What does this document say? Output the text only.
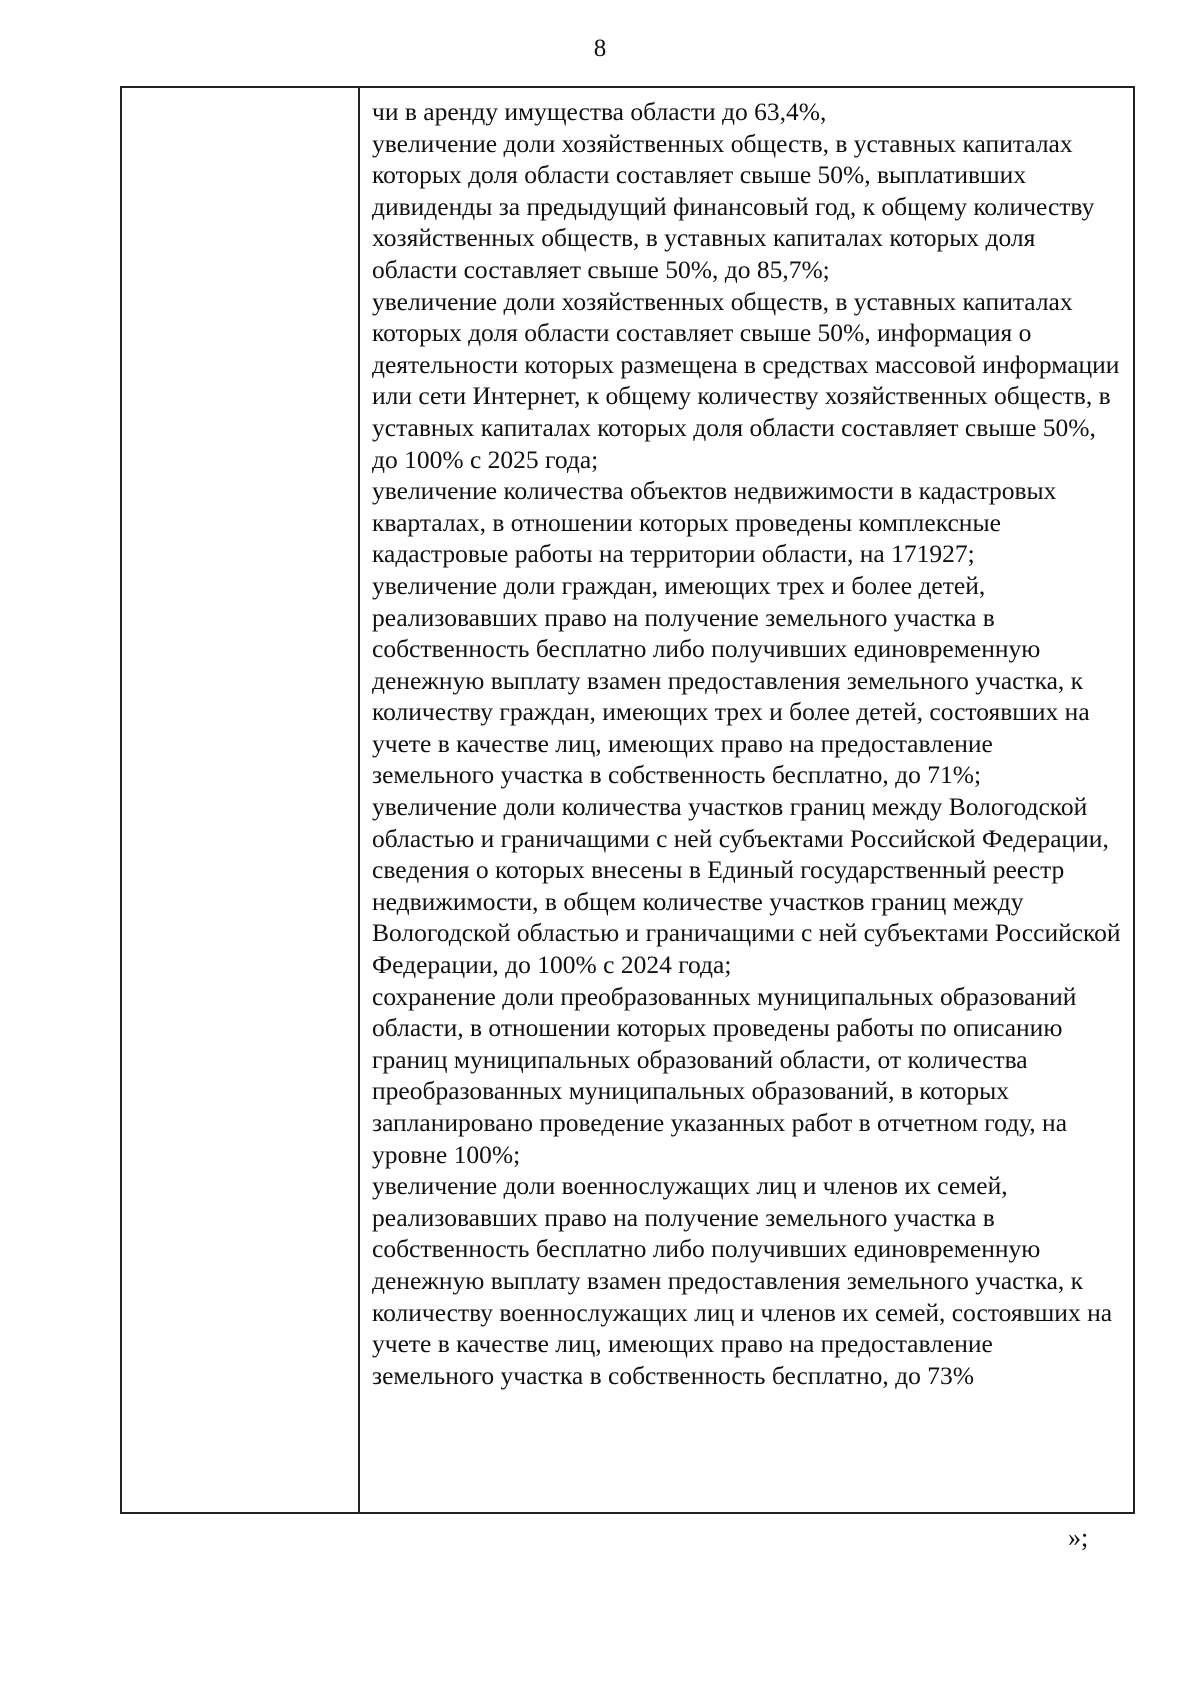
8

чи в аренду имущества области до 63,4%,

увеличение доли хозяйственных обществ, в уставных капиталах которых доля области составляет свыше 50%, выплативших дивиденды за предыдущий финансовый год, к общему количеству хозяйственных обществ, в уставных капиталах которых доля области составляет свыше 50%, до 85,7%;

увеличение доли хозяйственных обществ, в уставных капиталах которых доля области составляет свыше 50%, информация о деятельности которых размещена в средствах массовой информации или сети Интернет, к общему количеству хозяйственных обществ, в уставных капиталах которых доля области составляет свыше 50%, до 100% с 2025 года;

увеличение количества объектов недвижимости в кадастровых кварталах, в отношении которых проведены комплексные кадастровые работы на территории области, на 171927;

увеличение доли граждан, имеющих трех и более детей, реализовавших право на получение земельного участка в собственность бесплатно либо получивших единовременную денежную выплату взамен предоставления земельного участка, к количеству граждан, имеющих трех и более детей, состоявших на учете в качестве лиц, имеющих право на предоставление земельного участка в собственность бесплатно, до 71%;

увеличение доли количества участков границ между Вологодской областью и граничащими с ней субъектами Российской Федерации, сведения о которых внесены в Единый государственный реестр недвижимости, в общем количестве участков границ между Вологодской областью и граничащими с ней субъектами Российской Федерации, до 100% с 2024 года;

сохранение доли преобразованных муниципальных образований области, в отношении которых проведены работы по описанию границ муниципальных образований области, от количества преобразованных муниципальных образований, в которых запланировано проведение указанных работ в отчетном году, на уровне 100%;

увеличение доли военнослужащих лиц и членов их семей, реализовавших право на получение земельного участка в собственность бесплатно либо получивших единовременную денежную выплату взамен предоставления земельного участка, к количеству военнослужащих лиц и членов их семей, состоявших на учете в качестве лиц, имеющих право на предоставление земельного участка в собственность бесплатно, до 73%

»;
